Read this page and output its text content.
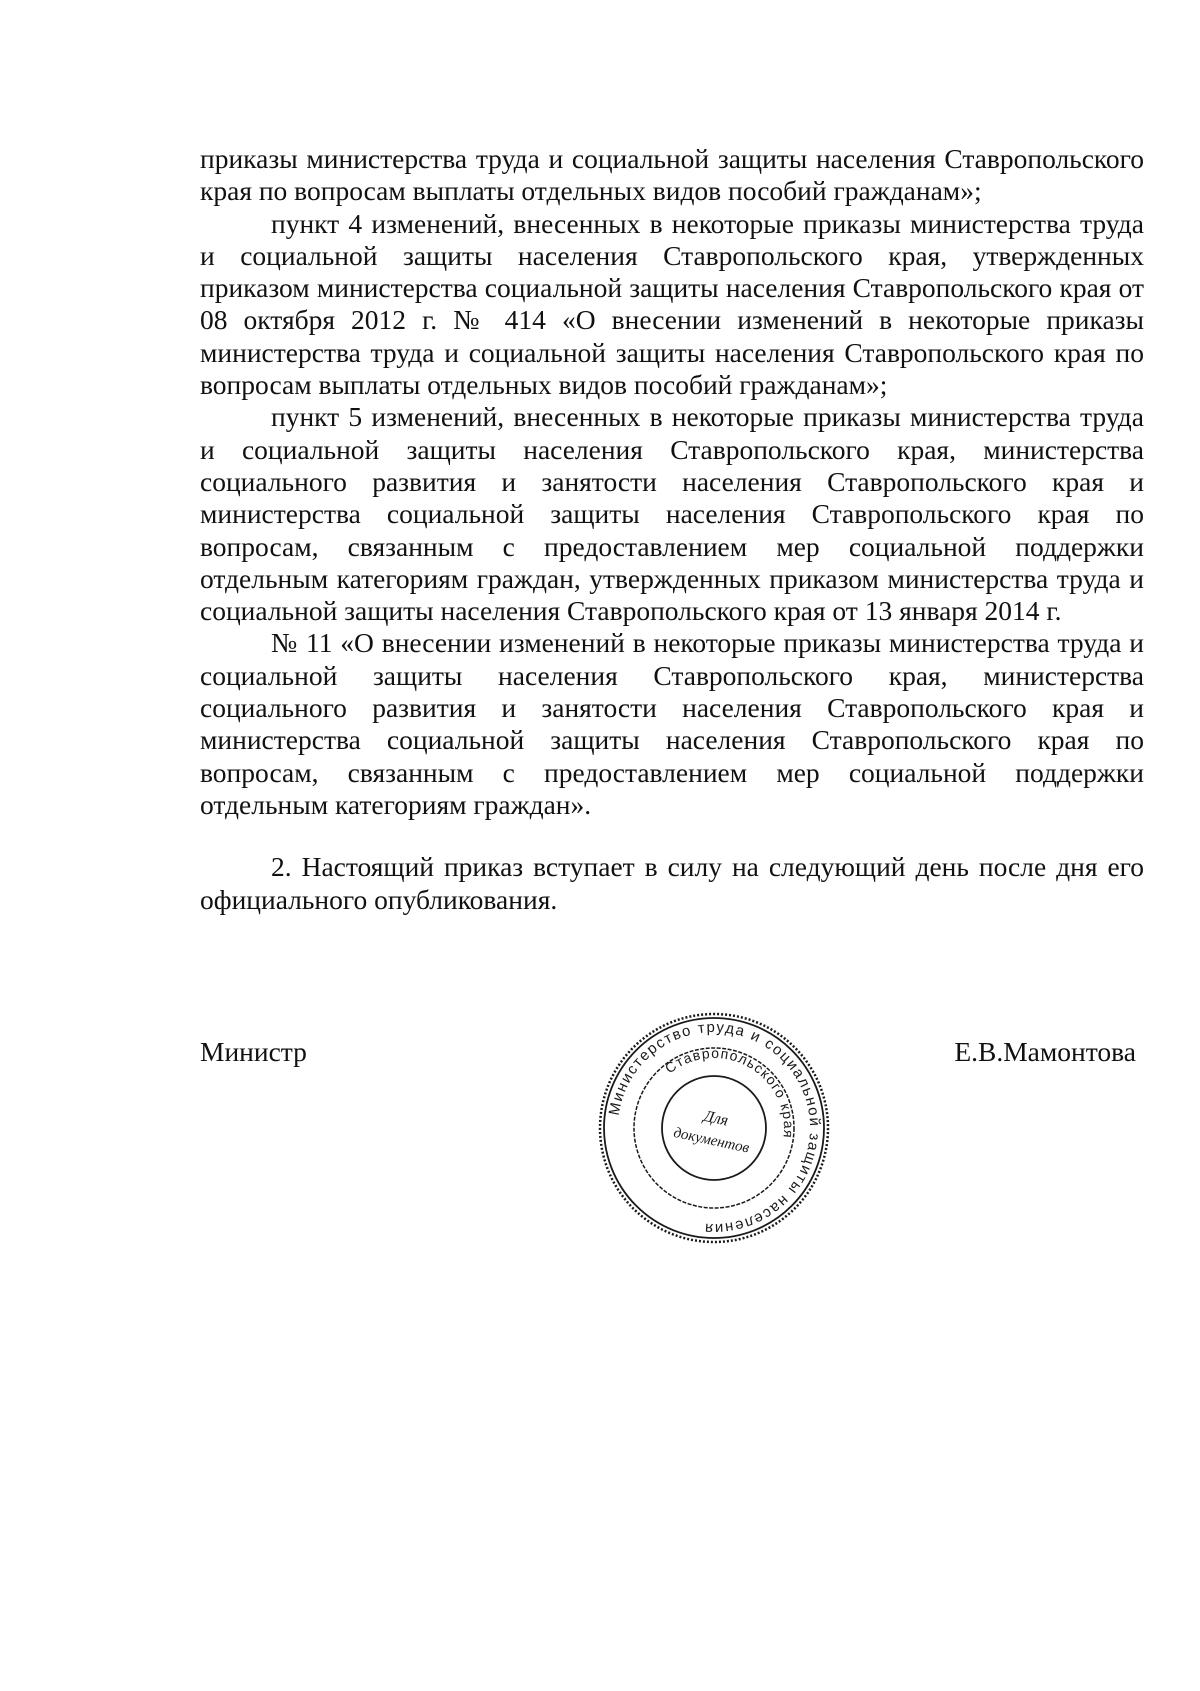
приказы министерства труда и социальной защиты населения Ставропольского края по вопросам выплаты отдельных видов пособий гражданам»;

пункт 4 изменений, внесенных в некоторые приказы министерства труда и социальной защиты населения Ставропольского края, утвержденных приказом министерства социальной защиты населения Ставропольского края от 08 октября 2012 г. № 414 «О внесении изменений в некоторые приказы министерства труда и социальной защиты населения Ставропольского края по вопросам выплаты отдельных видов пособий гражданам»;

пункт 5 изменений, внесенных в некоторые приказы министерства труда и социальной защиты населения Ставропольского края, министерства социального развития и занятости населения Ставропольского края и министерства социальной защиты населения Ставропольского края по вопросам, связанным с предоставлением мер социальной поддержки отдельным категориям граждан, утвержденных приказом министерства труда и социальной защиты населения Ставропольского края от 13 января 2014 г.

№ 11 «О внесении изменений в некоторые приказы министерства труда и социальной защиты населения Ставропольского края, министерства социального развития и занятости населения Ставропольского края и министерства социальной защиты населения Ставропольского края по вопросам, связанным с предоставлением мер социальной поддержки отдельным категориям граждан».

2. Настоящий приказ вступает в силу на следующий день после дня его официального опубликования.

Министр	Е.В.Мамонтова
Министерство труда и социальной защиты населения
Ставропольского края
Для
документов
